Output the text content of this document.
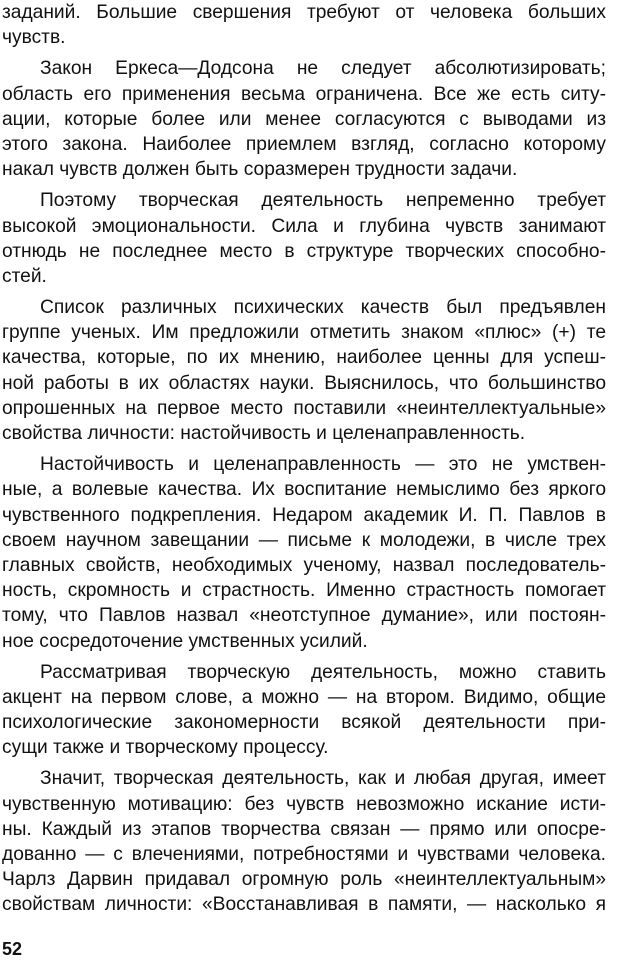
заданий. Большие свершения требуют от человека больших
чувств.
Закон Еркеса—Додсона не следует абсолютизировать;
область его применения весьма ограничена. Все же есть ситу-
ации, которые более или менее согласуются с выводами из
этого закона. Наиболее приемлем взгляд, согласно которому
накал чувств должен быть соразмерен трудности задачи.
Поэтому творческая деятельность непременно требует
высокой эмоциональности. Сила и глубина чувств занимают
отнюдь не последнее место в структуре творческих способно-
стей.
Список различных психических качеств был предъявлен
группе ученых. Им предложили отметить знаком «плюс» (+) те
качества, которые, по их мнению, наиболее ценны для успеш-
ной работы в их областях науки. Выяснилось, что большинство
опрошенных на первое место поставили «неинтеллектуальные»
свойства личности: настойчивость и целенаправленность.
Настойчивость и целенаправленность — это не умствен-
ные, а волевые качества. Их воспитание немыслимо без яркого
чувственного подкрепления. Недаром академик И. П. Павлов в
своем научном завещании — письме к молодежи, в числе трех
главных свойств, необходимых ученому, назвал последователь-
ность, скромность и страстность. Именно страстность помогает
тому, что Павлов назвал «неотступное думание», или постоян-
ное сосредоточение умственных усилий.
Рассматривая творческую деятельность, можно ставить
акцент на первом слове, а можно — на втором. Видимо, общие
психологические закономерности всякой деятельности при-
сущи также и творческому процессу.
Значит, творческая деятельность, как и любая другая, имеет
чувственную мотивацию: без чувств невозможно искание исти-
ны. Каждый из этапов творчества связан — прямо или опосре-
дованно — с влечениями, потребностями и чувствами человека.
Чарлз Дарвин придавал огромную роль «неинтеллектуальным»
свойствам личности: «Восстанавливая в памяти, — насколько я
52
